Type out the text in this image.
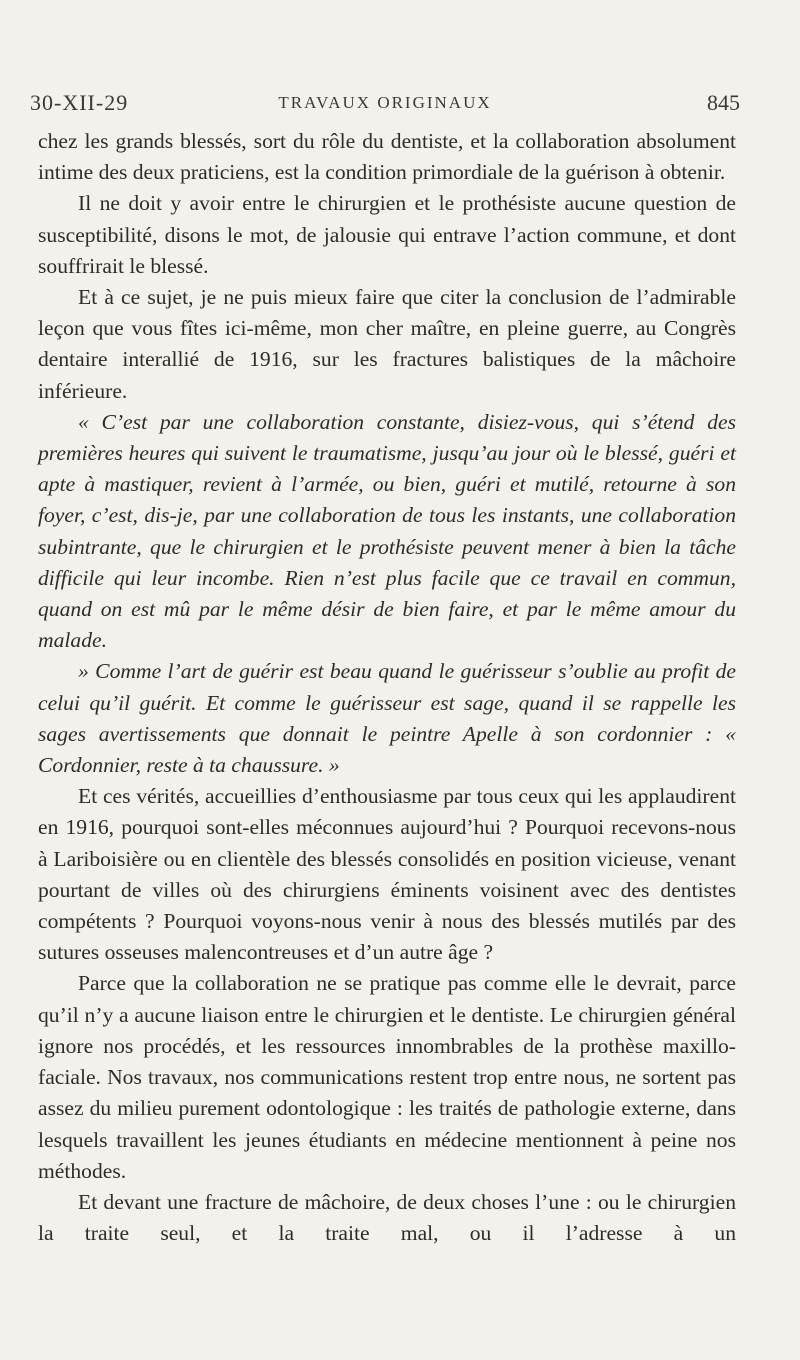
30-XII-29	TRAVAUX ORIGINAUX	845

chez les grands blessés, sort du rôle du dentiste, et la collaboration absolument intime des deux praticiens, est la condition primordiale de la guérison à obtenir.

Il ne doit y avoir entre le chirurgien et le prothésiste aucune question de susceptibilité, disons le mot, de jalousie qui entrave l’action commune, et dont souffrirait le blessé.

Et à ce sujet, je ne puis mieux faire que citer la conclusion de l’admirable leçon que vous fîtes ici-même, mon cher maître, en pleine guerre, au Congrès dentaire interallié de 1916, sur les fractures balistiques de la mâchoire inférieure.

« C’est par une collaboration constante, disiez-vous, qui s’étend des premières heures qui suivent le traumatisme, jusqu’au jour où le blessé, guéri et apte à mastiquer, revient à l’armée, ou bien, guéri et mutilé, retourne à son foyer, c’est, dis-je, par une collaboration de tous les instants, une collaboration subintrante, que le chirurgien et le prothésiste peuvent mener à bien la tâche difficile qui leur incombe. Rien n’est plus facile que ce travail en commun, quand on est mû par le même désir de bien faire, et par le même amour du malade.

» Comme l’art de guérir est beau quand le guérisseur s’oublie au profit de celui qu’il guérit. Et comme le guérisseur est sage, quand il se rappelle les sages avertissements que donnait le peintre Apelle à son cordonnier : « Cordonnier, reste à ta chaussure. »

Et ces vérités, accueillies d’enthousiasme par tous ceux qui les applaudirent en 1916, pourquoi sont-elles méconnues aujourd’hui ? Pourquoi recevons-nous à Lariboisière ou en clientèle des blessés consolidés en position vicieuse, venant pourtant de villes où des chirurgiens éminents voisinent avec des dentistes compétents ? Pourquoi voyons-nous venir à nous des blessés mutilés par des sutures osseuses malencontreuses et d’un autre âge ?

Parce que la collaboration ne se pratique pas comme elle le devrait, parce qu’il n’y a aucune liaison entre le chirurgien et le dentiste. Le chirurgien général ignore nos procédés, et les ressources innombrables de la prothèse maxillo-faciale. Nos travaux, nos communications restent trop entre nous, ne sortent pas assez du milieu purement odontologique : les traités de pathologie externe, dans lesquels travaillent les jeunes étudiants en médecine mentionnent à peine nos méthodes.

Et devant une fracture de mâchoire, de deux choses l’une : ou le chirurgien la traite seul, et la traite mal, ou il l’adresse à un
